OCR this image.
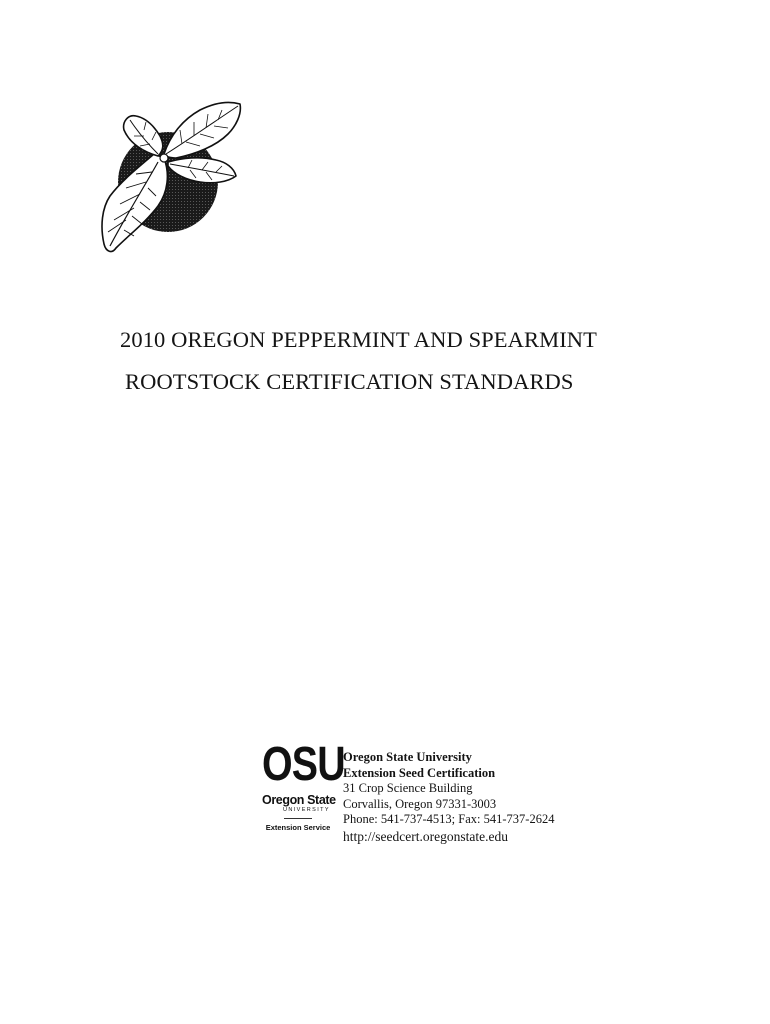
2010 OREGON PEPPERMINT AND SPEARMINT
ROOTSTOCK CERTIFICATION STANDARDS
OSU
Oregon State
UNIVERSITY
Extension Service
Oregon State University
Extension Seed Certification
31 Crop Science Building
Corvallis, Oregon 97331-3003
Phone: 541-737-4513; Fax: 541-737-2624
http://seedcert.oregonstate.edu
